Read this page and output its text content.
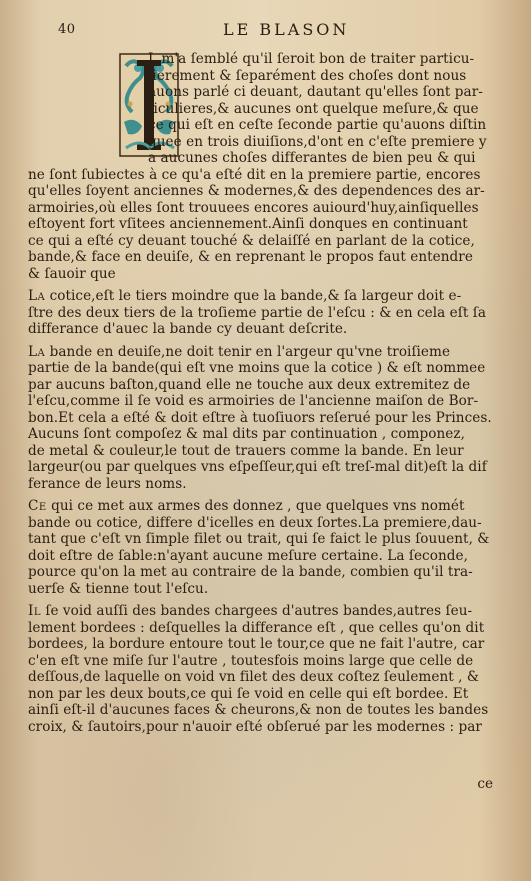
40	LE BLASON

L m'a ſemblé qu'il ſeroit bon de traiter particu-
lierement & ſeparément des choſes dont nous
auons parlé ci deuant, dautant qu'elles ſont par-
ticulieres,& aucunes ont quelque meſure,& que
ce qui eſt en ceſte ſeconde partie qu'auons diſtin
guee en trois diuiſions,d'ont en c'eſte premiere y
a aucunes choſes differantes de bien peu & qui
ne ſont ſubiectes à ce qu'a eſté dit en la premiere partie, encores
qu'elles ſoyent anciennes & modernes,& des dependences des ar-
armoiries,où elles ſont trouuees encores auiourd'huy,ainſiquelles
eſtoyent fort vſitees anciennement.Ainſi donques en continuant
ce qui a eſté cy deuant touché & delaiſſé en parlant de la cotice,
bande,& face en deuiſe, & en reprenant le propos faut entendre
& ſauoir que

La cotice,eſt le tiers moindre que la bande,& ſa largeur doit e-
ſtre des deux tiers de la troſieme partie de l'eſcu : & en cela eſt ſa
differance d'auec la bande cy deuant deſcrite.

La bande en deuiſe,ne doit tenir en l'argeur qu'vne troiſieme
partie de la bande(qui eſt vne moins que la cotice ) & eſt nommee
par aucuns baſton,quand elle ne touche aux deux extremitez de
l'eſcu,comme il ſe void es armoiries de l'ancienne maiſon de Bor-
bon.Et cela a eſté & doit eſtre à tuoſiuors reſerué pour les Princes.
Aucuns ſont compoſez & mal dits par continuation , componez,
de metal & couleur,le tout de trauers comme la bande. En leur
largeur(ou par quelques vns eſpeſſeur,qui eſt treſ-mal dit)eſt la dif
ferance de leurs noms.

Ce qui ce met aux armes des donnez , que quelques vns nomét
bande ou cotice, differe d'icelles en deux ſortes.La premiere,dau-
tant que c'eſt vn ſimple filet ou trait, qui ſe faict le plus ſouuent, &
doit eſtre de ſable:n'ayant aucune meſure certaine. La ſeconde,
pource qu'on la met au contraire de la bande, combien qu'il tra-
uerſe & tienne tout l'eſcu.

Il ſe void auſſi des bandes chargees d'autres bandes,autres ſeu-
lement bordees : deſquelles la differance eſt , que celles qu'on dit
bordees, la bordure entoure tout le tour,ce que ne fait l'autre, car
c'en eſt vne miſe ſur l'autre , toutesfois moins large que celle de
deſſous,de laquelle on void vn filet des deux coſtez ſeulement , &
non par les deux bouts,ce qui ſe void en celle qui eſt bordee. Et
ainſi eſt-il d'aucunes faces & cheurons,& non de toutes les bandes
croix, & ſautoirs,pour n'auoir eſté obſerué par les modernes : par

ce
